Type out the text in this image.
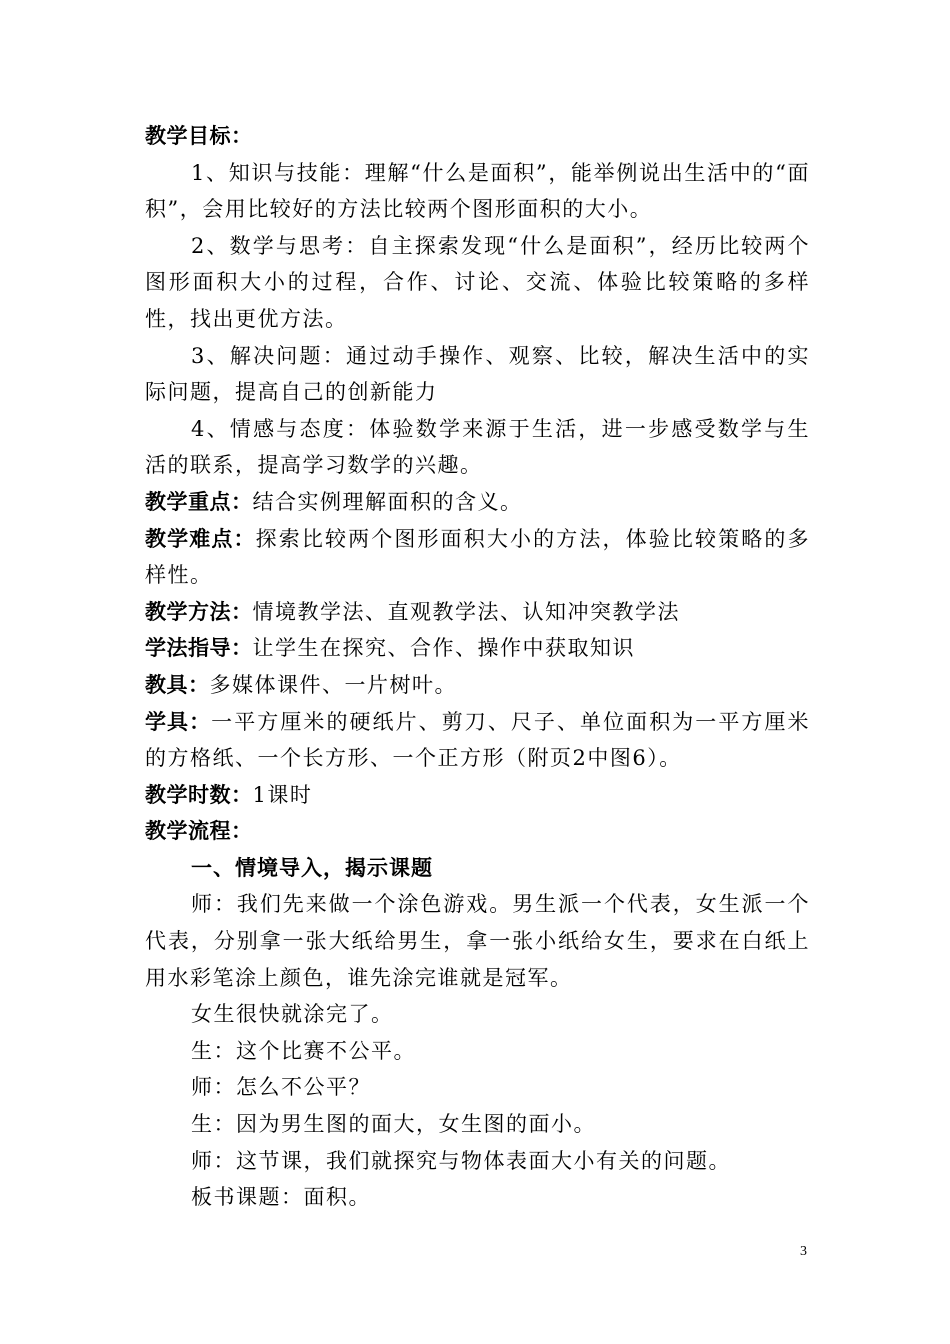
教学目标：

1、知识与技能：理解“什么是面积”，能举例说出生活中的“面积”，会用比较好的方法比较两个图形面积的大小。

2、数学与思考：自主探索发现“什么是面积”，经历比较两个图形面积大小的过程，合作、讨论、交流、体验比较策略的多样性，找出更优方法。

3、解决问题：通过动手操作、观察、比较，解决生活中的实际问题，提高自己的创新能力

4、情感与态度：体验数学来源于生活，进一步感受数学与生活的联系，提高学习数学的兴趣。

教学重点：结合实例理解面积的含义。

教学难点：探索比较两个图形面积大小的方法，体验比较策略的多样性。

教学方法：情境教学法、直观教学法、认知冲突教学法

学法指导：让学生在探究、合作、操作中获取知识

教具：多媒体课件、一片树叶。

学具：一平方厘米的硬纸片、剪刀、尺子、单位面积为一平方厘米的方格纸、一个长方形、一个正方形（附页2中图6）。

教学时数：1课时

教学流程：

一、情境导入，揭示课题

师：我们先来做一个涂色游戏。男生派一个代表，女生派一个代表，分别拿一张大纸给男生，拿一张小纸给女生，要求在白纸上用水彩笔涂上颜色，谁先涂完谁就是冠军。

女生很快就涂完了。

生：这个比赛不公平。

师：怎么不公平？

生：因为男生图的面大，女生图的面小。

师：这节课，我们就探究与物体表面大小有关的问题。

板书课题：面积。

3
